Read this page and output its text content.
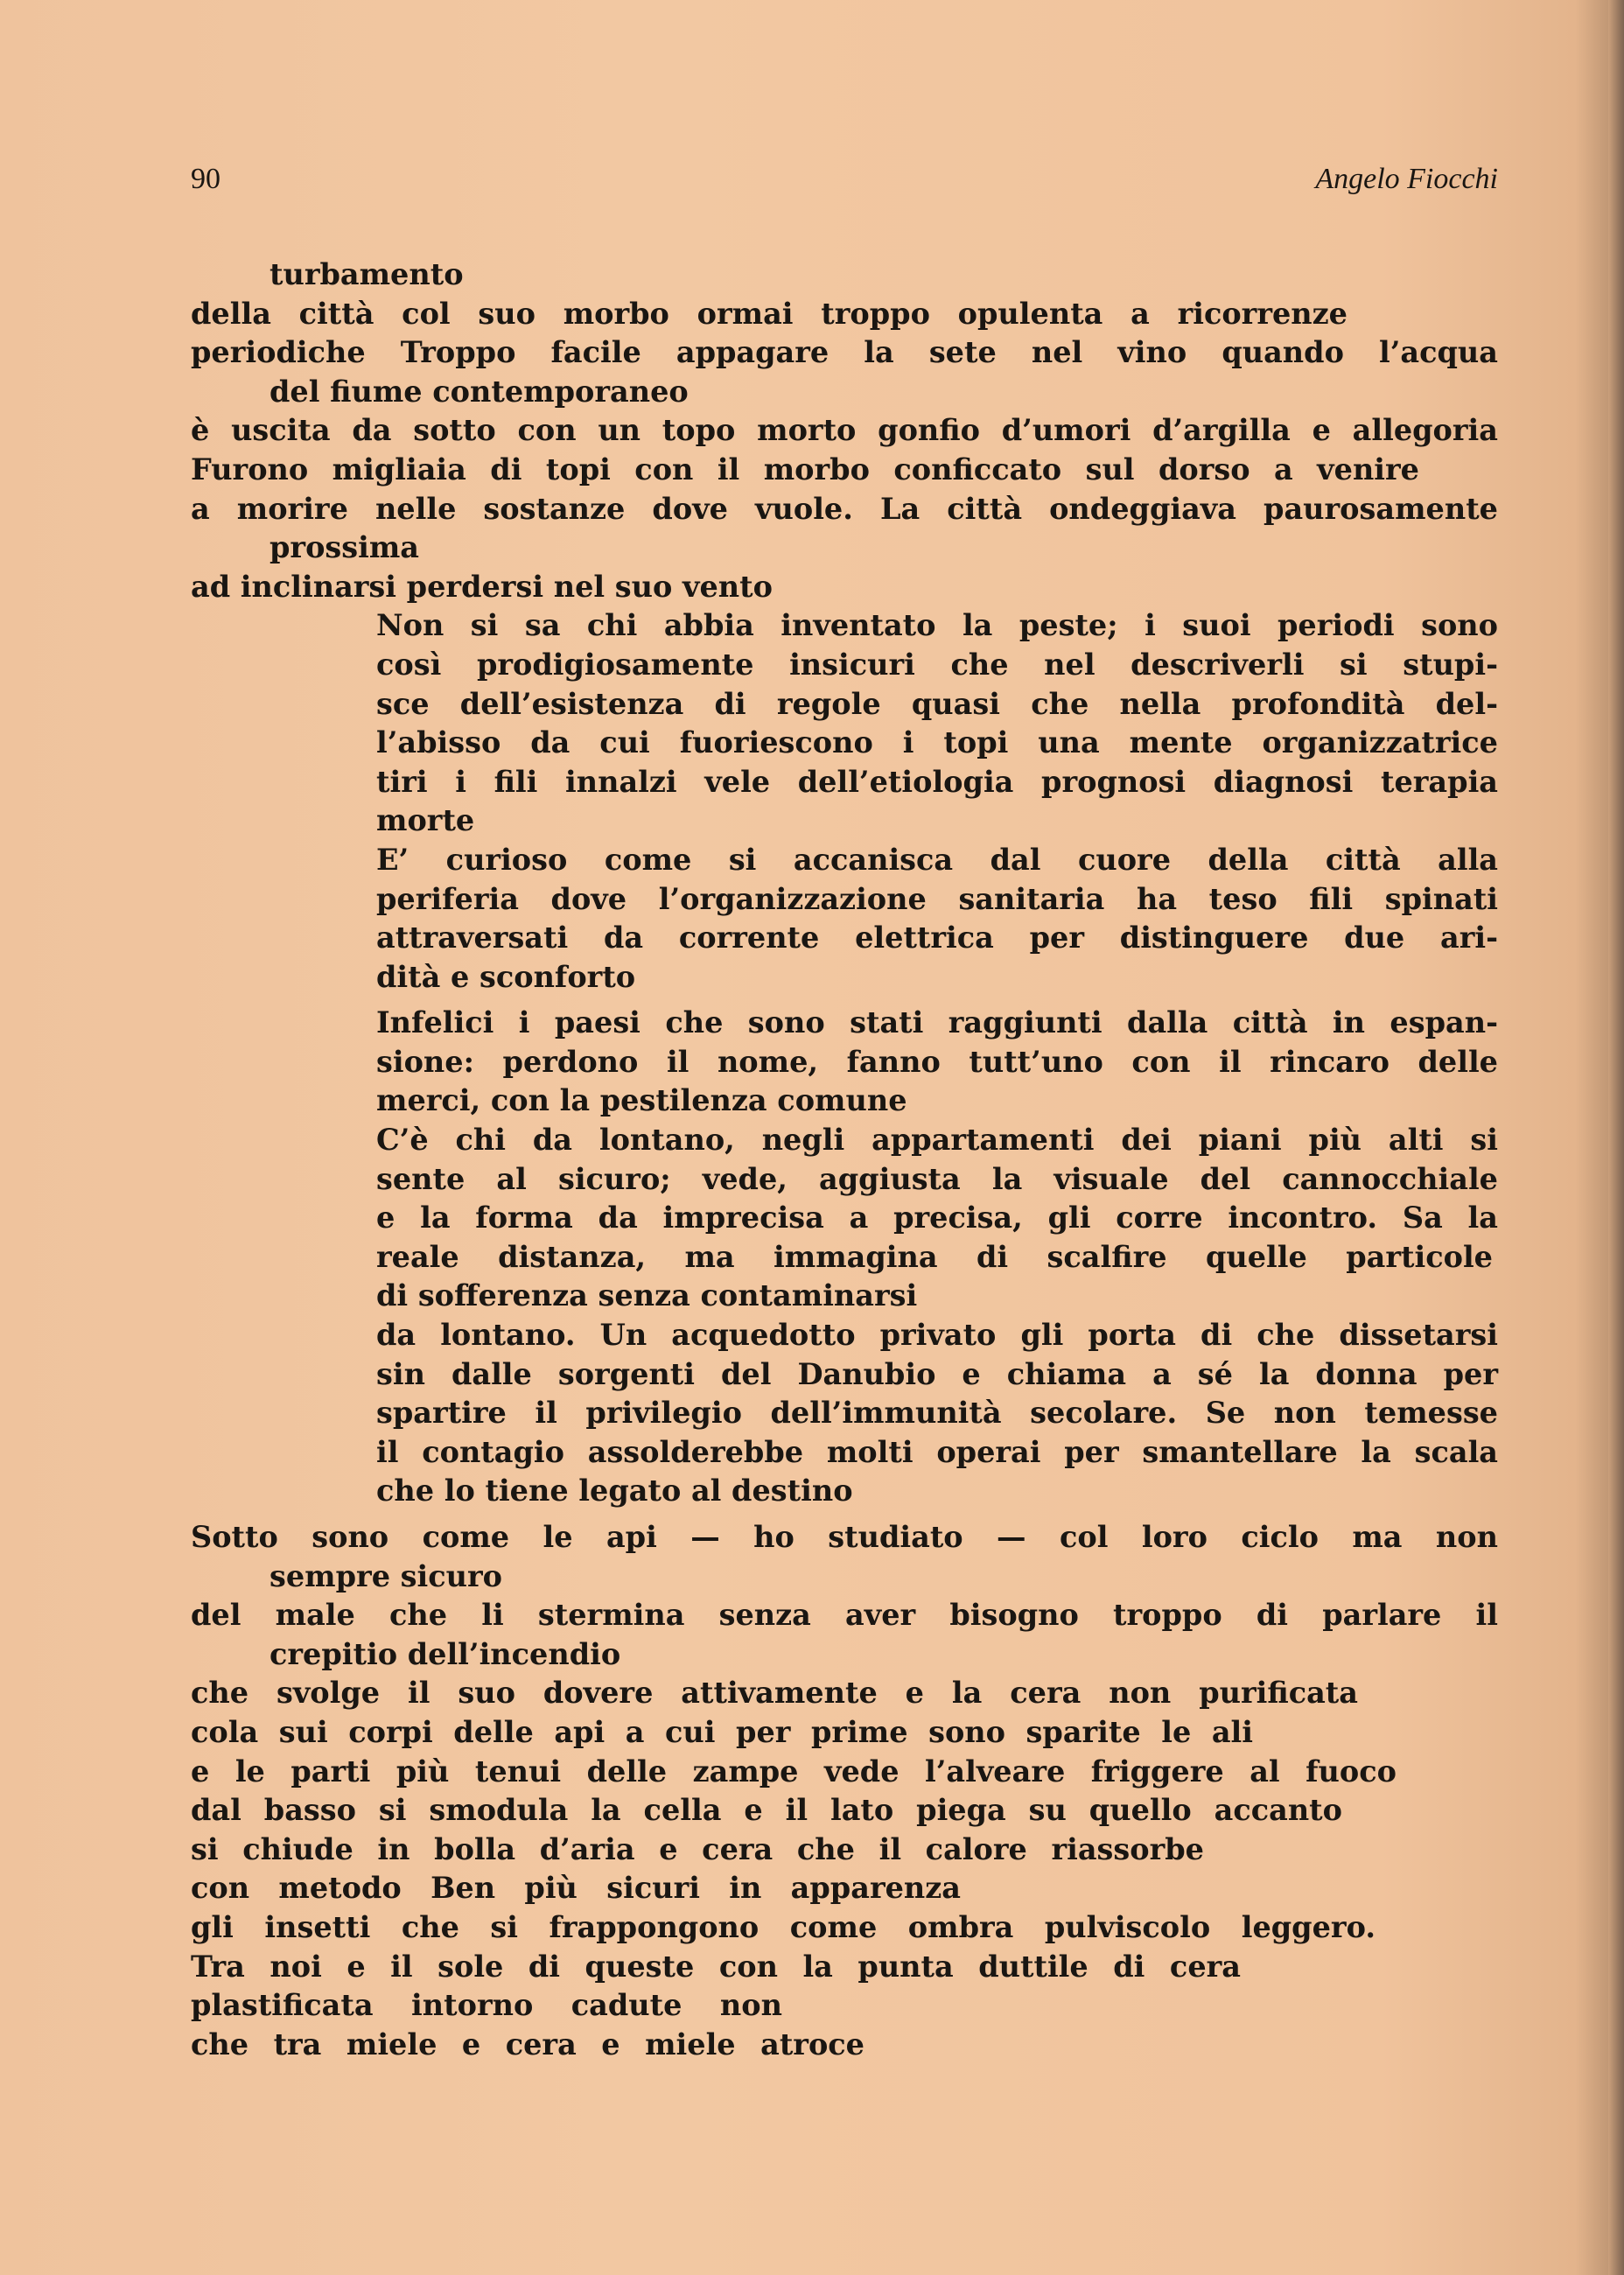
90	Angelo Fiocchi
turbamento
della città col suo morbo ormai troppo opulenta a ricorrenze
periodiche Troppo facile appagare la sete nel vino quando l’acqua
del fiume contemporaneo
è uscita da sotto con un topo morto gonfio d’umori d’argilla e allegoria
Furono migliaia di topi con il morbo conficcato sul dorso a venire
a morire nelle sostanze dove vuole. La città ondeggiava paurosamente
prossima
ad inclinarsi perdersi nel suo vento
Non si sa chi abbia inventato la peste; i suoi periodi sono
così prodigiosamente insicuri che nel descriverli si stupi-
sce dell’esistenza di regole quasi che nella profondità del-
l’abisso da cui fuoriescono i topi una mente organizzatrice
tiri i fili innalzi vele dell’etiologia prognosi diagnosi terapia
morte
E’ curioso come si accanisca dal cuore della città alla
periferia dove l’organizzazione sanitaria ha teso fili spinati
attraversati da corrente elettrica per distinguere due ari-
dità e sconforto
Infelici i paesi che sono stati raggiunti dalla città in espan-
sione: perdono il nome, fanno tutt’uno con il rincaro delle
merci, con la pestilenza comune
C’è chi da lontano, negli appartamenti dei piani più alti si
sente al sicuro; vede, aggiusta la visuale del cannocchiale
e la forma da imprecisa a precisa, gli corre incontro. Sa la
reale distanza, ma immagina di scalfire quelle particole
di sofferenza senza contaminarsi
da lontano. Un acquedotto privato gli porta di che dissetarsi
sin dalle sorgenti del Danubio e chiama a sé la donna per
spartire il privilegio dell’immunità secolare. Se non temesse
il contagio assolderebbe molti operai per smantellare la scala
che lo tiene legato al destino
Sotto sono come le api — ho studiato — col loro ciclo ma non
sempre sicuro
del male che li stermina senza aver bisogno troppo di parlare il
crepitio dell’incendio
che svolge il suo dovere attivamente e la cera non purificata
cola sui corpi delle api a cui per prime sono sparite le ali
e le parti più tenui delle zampe vede l’alveare friggere al fuoco
dal basso si smodula la cella e il lato piega su quello accanto
si chiude in bolla d’aria e cera che il calore riassorbe
con metodo Ben più sicuri in apparenza
gli insetti che si frappongono come ombra pulviscolo leggero.
Tra noi e il sole di queste con la punta duttile di cera
plastificata intorno cadute non
che tra miele e cera e miele atroce
